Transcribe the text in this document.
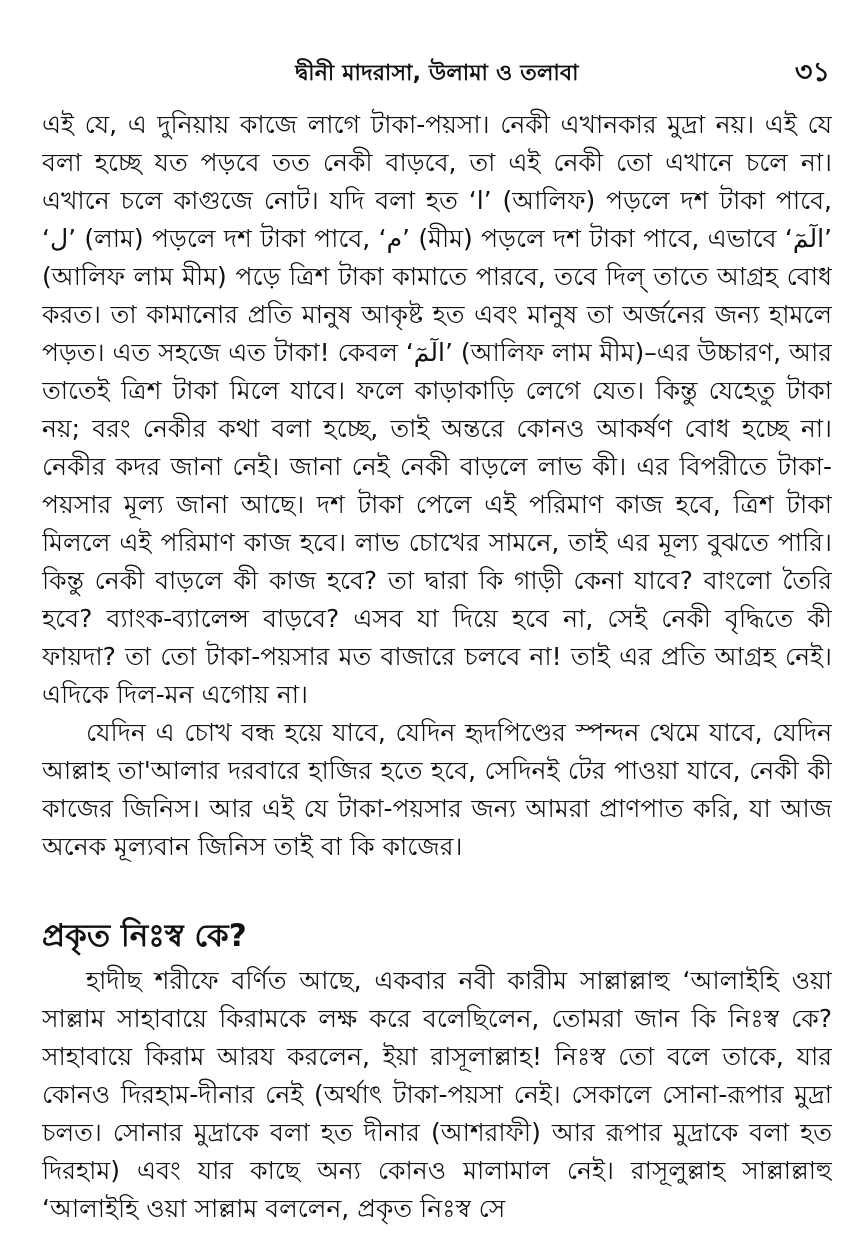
দ্বীনী মাদরাসা, উলামা ও তলাবা	৩১

এই যে, এ দুনিয়ায় কাজে লাগে টাকা-পয়সা। নেকী এখানকার মুদ্রা নয়। এই যে বলা হচ্ছে যত পড়বে তত নেকী বাড়বে, তা এই নেকী তো এখানে চলে না। এখানে চলে কাগুজে নোট। যদি বলা হত ‘ا’ (আলিফ) পড়লে দশ টাকা পাবে, ‘ل’ (লাম) পড়লে দশ টাকা পাবে, ‘م’ (মীম) পড়লে দশ টাকা পাবে, এভাবে ‘الٓمٓ’ (আলিফ লাম মীম) পড়ে ত্রিশ টাকা কামাতে পারবে, তবে দিল্ তাতে আগ্রহ বোধ করত। তা কামানোর প্রতি মানুষ আকৃষ্ট হত এবং মানুষ তা অর্জনের জন্য হামলে পড়ত। এত সহজে এত টাকা! কেবল ‘الٓمٓ’ (আলিফ লাম মীম)–এর উচ্চারণ, আর তাতেই ত্রিশ টাকা মিলে যাবে। ফলে কাড়াকাড়ি লেগে যেত। কিন্তু যেহেতু টাকা নয়; বরং নেকীর কথা বলা হচ্ছে, তাই অন্তরে কোনও আকর্ষণ বোধ হচ্ছে না। নেকীর কদর জানা নেই। জানা নেই নেকী বাড়লে লাভ কী। এর বিপরীতে টাকা-পয়সার মূল্য জানা আছে। দশ টাকা পেলে এই পরিমাণ কাজ হবে, ত্রিশ টাকা মিললে এই পরিমাণ কাজ হবে। লাভ চোখের সামনে, তাই এর মূল্য বুঝতে পারি। কিন্তু নেকী বাড়লে কী কাজ হবে? তা দ্বারা কি গাড়ী কেনা যাবে? বাংলো তৈরি হবে? ব্যাংক-ব্যালেন্স বাড়বে? এসব যা দিয়ে হবে না, সেই নেকী বৃদ্ধিতে কী ফায়দা? তা তো টাকা-পয়সার মত বাজারে চলবে না! তাই এর প্রতি আগ্রহ নেই। এদিকে দিল-মন এগোয় না।

যেদিন এ চোখ বন্ধ হয়ে যাবে, যেদিন হৃদপিণ্ডের স্পন্দন থেমে যাবে, যেদিন আল্লাহ তা'আলার দরবারে হাজির হতে হবে, সেদিনই টের পাওয়া যাবে, নেকী কী কাজের জিনিস। আর এই যে টাকা-পয়সার জন্য আমরা প্রাণপাত করি, যা আজ অনেক মূল্যবান জিনিস তাই বা কি কাজের।

প্রকৃত নিঃস্ব কে?

হাদীছ শরীফে বর্ণিত আছে, একবার নবী কারীম সাল্লাল্লাহু ‘আলাইহি ওয়া সাল্লাম সাহাবায়ে কিরামকে লক্ষ করে বলেছিলেন, তোমরা জান কি নিঃস্ব কে? সাহাবায়ে কিরাম আরয করলেন, ইয়া রাসূলাল্লাহ! নিঃস্ব তো বলে তাকে, যার কোনও দিরহাম-দীনার নেই (অর্থাৎ টাকা-পয়সা নেই। সেকালে সোনা-রূপার মুদ্রা চলত। সোনার মুদ্রাকে বলা হত দীনার (আশরাফী) আর রূপার মুদ্রাকে বলা হত দিরহাম) এবং যার কাছে অন্য কোনও মালামাল নেই। রাসূলুল্লাহ সাল্লাল্লাহু ‘আলাইহি ওয়া সাল্লাম বললেন, প্রকৃত নিঃস্ব সে
